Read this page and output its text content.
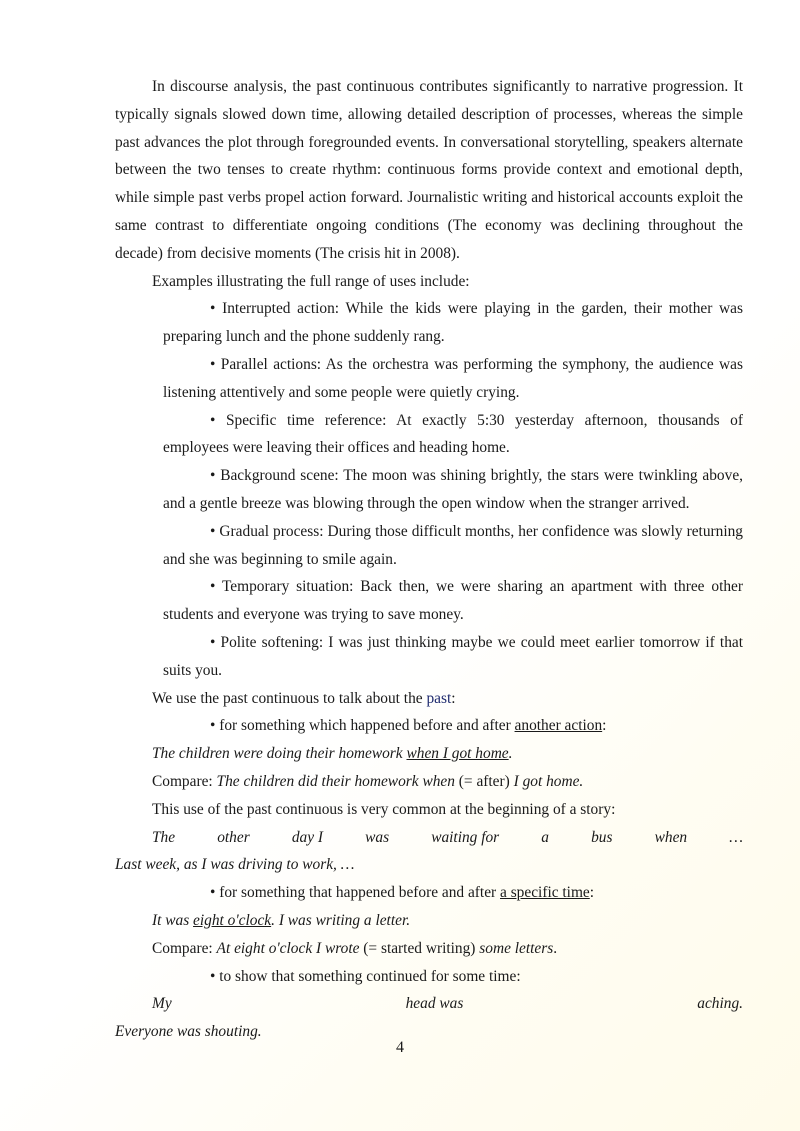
In discourse analysis, the past continuous contributes significantly to narrative progression. It typically signals slowed down time, allowing detailed description of processes, whereas the simple past advances the plot through foregrounded events. In conversational storytelling, speakers alternate between the two tenses to create rhythm: continuous forms provide context and emotional depth, while simple past verbs propel action forward. Journalistic writing and historical accounts exploit the same contrast to differentiate ongoing conditions (The economy was declining throughout the decade) from decisive moments (The crisis hit in 2008).

Examples illustrating the full range of uses include:

• Interrupted action: While the kids were playing in the garden, their mother was preparing lunch and the phone suddenly rang.

• Parallel actions: As the orchestra was performing the symphony, the audience was listening attentively and some people were quietly crying.

• Specific time reference: At exactly 5:30 yesterday afternoon, thousands of employees were leaving their offices and heading home.

• Background scene: The moon was shining brightly, the stars were twinkling above, and a gentle breeze was blowing through the open window when the stranger arrived.

• Gradual process: During those difficult months, her confidence was slowly returning and she was beginning to smile again.

• Temporary situation: Back then, we were sharing an apartment with three other students and everyone was trying to save money.

• Polite softening: I was just thinking maybe we could meet earlier tomorrow if that suits you.

We use the past continuous to talk about the past:

• for something which happened before and after another action:

The children were doing their homework when I got home.

Compare: The children did their homework when (= after) I got home.

This use of the past continuous is very common at the beginning of a story:

The	other	day I	was	waiting for	a	bus	when	…

Last week, as I was driving to work, …

• for something that happened before and after a specific time:

It was eight o'clock. I was writing a letter.

Compare: At eight o'clock I wrote (= started writing) some letters.

• to show that something continued for some time:

My	head was	aching.

Everyone was shouting.

4
